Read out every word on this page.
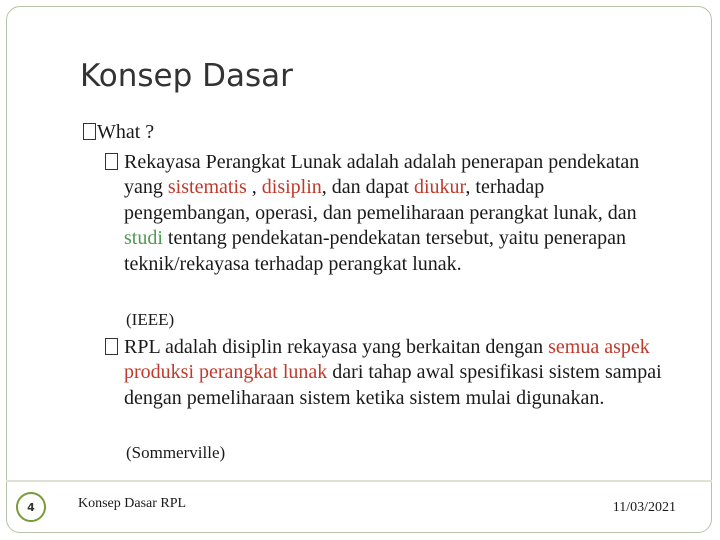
Konsep Dasar
What ?
Rekayasa Perangkat Lunak adalah adalah penerapan pendekatan yang sistematis , disiplin, dan dapat diukur, terhadap pengembangan, operasi, dan pemeliharaan perangkat lunak, dan studi tentang pendekatan-pendekatan tersebut, yaitu penerapan teknik/rekayasa terhadap perangkat lunak.
(IEEE)
RPL adalah disiplin rekayasa yang berkaitan dengan semua aspek produksi perangkat lunak dari tahap awal spesifikasi sistem sampai dengan pemeliharaan sistem ketika sistem mulai digunakan.
(Sommerville)
4	Konsep Dasar RPL	11/03/2021
